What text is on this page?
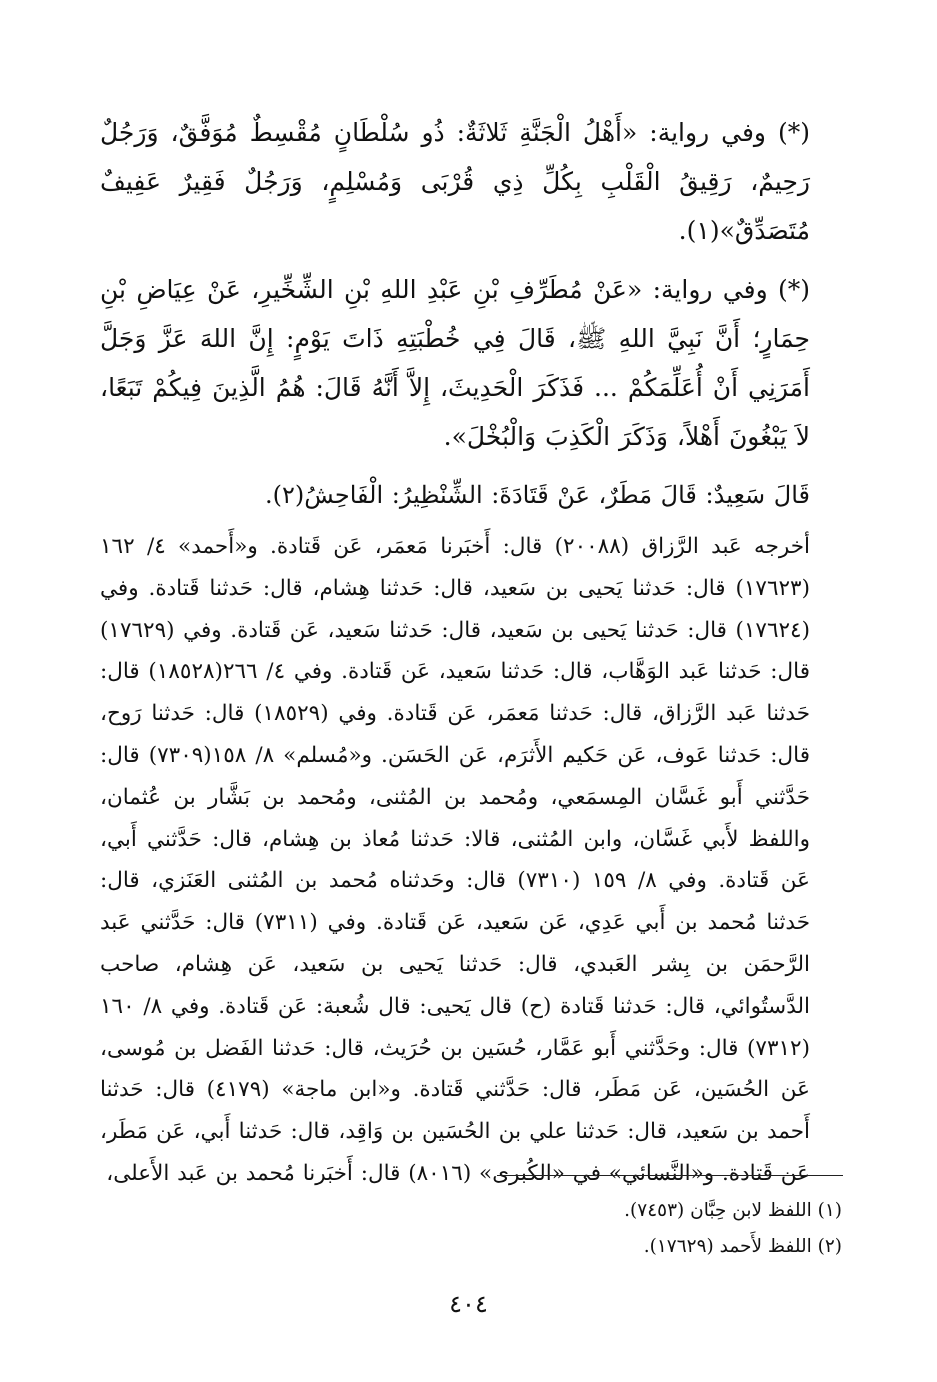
(*) وفي رواية: «أَهْلُ الْجَنَّةِ ثَلاثَةٌ: ذُو سُلْطَانٍ مُقْسِطٌ مُوَفَّقٌ، وَرَجُلٌ رَحِيمٌ، رَقِيقُ الْقَلْبِ بِكُلِّ ذِي قُرْبَى وَمُسْلِمٍ، وَرَجُلٌ فَقِيرٌ عَفِيفٌ مُتَصَدِّقٌ»(١).

(*) وفي رواية: «عَنْ مُطَرِّفِ بْنِ عَبْدِ اللهِ بْنِ الشِّخِّيرِ، عَنْ عِيَاضِ بْنِ حِمَارٍ؛ أَنَّ نَبِيَّ اللهِ ﷺ، قَالَ فِي خُطْبَتِهِ ذَاتَ يَوْمٍ: إِنَّ اللهَ عَزَّ وَجَلَّ أَمَرَنِي أَنْ أُعَلِّمَكُمْ ... فَذَكَرَ الْحَدِيثَ، إِلاَّ أَنَّهُ قَالَ: هُمُ الَّذِينَ فِيكُمْ تَبَعًا، لاَ يَبْغُونَ أَهْلاً، وَذَكَرَ الْكَذِبَ وَالْبُخْلَ».

قَالَ سَعِيدٌ: قَالَ مَطَرٌ، عَنْ قَتَادَةَ: الشِّنْظِيرُ: الْفَاحِشُ(٢).

أخرجه عَبد الرَّزاق (٢٠٠٨٨) قال: أَخبَرنا مَعمَر، عَن قَتادة. و«أَحمد» ٤/ ١٦٢ (١٧٦٢٣) قال: حَدثنا يَحيى بن سَعيد، قال: حَدثنا هِشام، قال: حَدثنا قَتادة. وفي (١٧٦٢٤) قال: حَدثنا يَحيى بن سَعيد، قال: حَدثنا سَعيد، عَن قَتادة. وفي (١٧٦٢٩) قال: حَدثنا عَبد الوَهَّاب، قال: حَدثنا سَعيد، عَن قَتادة. وفي ٤/ ٢٦٦(١٨٥٢٨) قال: حَدثنا عَبد الرَّزاق، قال: حَدثنا مَعمَر، عَن قَتادة. وفي (١٨٥٢٩) قال: حَدثنا رَوح، قال: حَدثنا عَوف، عَن حَكيم الأَثرَم، عَن الحَسَن. و«مُسلم» ٨/ ١٥٨(٧٣٠٩) قال: حَدَّثني أَبو غَسَّان المِسمَعي، ومُحمد بن المُثنى، ومُحمد بن بَشَّار بن عُثمان، واللفظ لأَبي غَسَّان، وابن المُثنى، قالا: حَدثنا مُعاذ بن هِشام، قال: حَدَّثني أَبي، عَن قَتادة. وفي ٨/ ١٥٩ (٧٣١٠) قال: وحَدثناه مُحمد بن المُثنى العَنَزي، قال: حَدثنا مُحمد بن أَبي عَدِي، عَن سَعيد، عَن قَتادة. وفي (٧٣١١) قال: حَدَّثني عَبد الرَّحمَن بن بِشر العَبدي، قال: حَدثنا يَحيى بن سَعيد، عَن هِشام، صاحب الدَّستُوائي، قال: حَدثنا قَتادة (ح) قال يَحيى: قال شُعبة: عَن قَتادة. وفي ٨/ ١٦٠ (٧٣١٢) قال: وحَدَّثني أَبو عَمَّار، حُسَين بن حُرَيث، قال: حَدثنا الفَضل بن مُوسى، عَن الحُسَين، عَن مَطَر، قال: حَدَّثني قَتادة. و«ابن ماجة» (٤١٧٩) قال: حَدثنا أَحمد بن سَعيد، قال: حَدثنا علي بن الحُسَين بن وَاقِد، قال: حَدثنا أَبي، عَن مَطَر، عَن قَتادة. و«النَّسائي» في «الكُبرى» (٨٠١٦) قال: أَخبَرنا مُحمد بن عَبد الأَعلى،

(١) اللفظ لابن حِبَّان (٧٤٥٣).

(٢) اللفظ لأَحمد (١٧٦٢٩).

٤٠٤
